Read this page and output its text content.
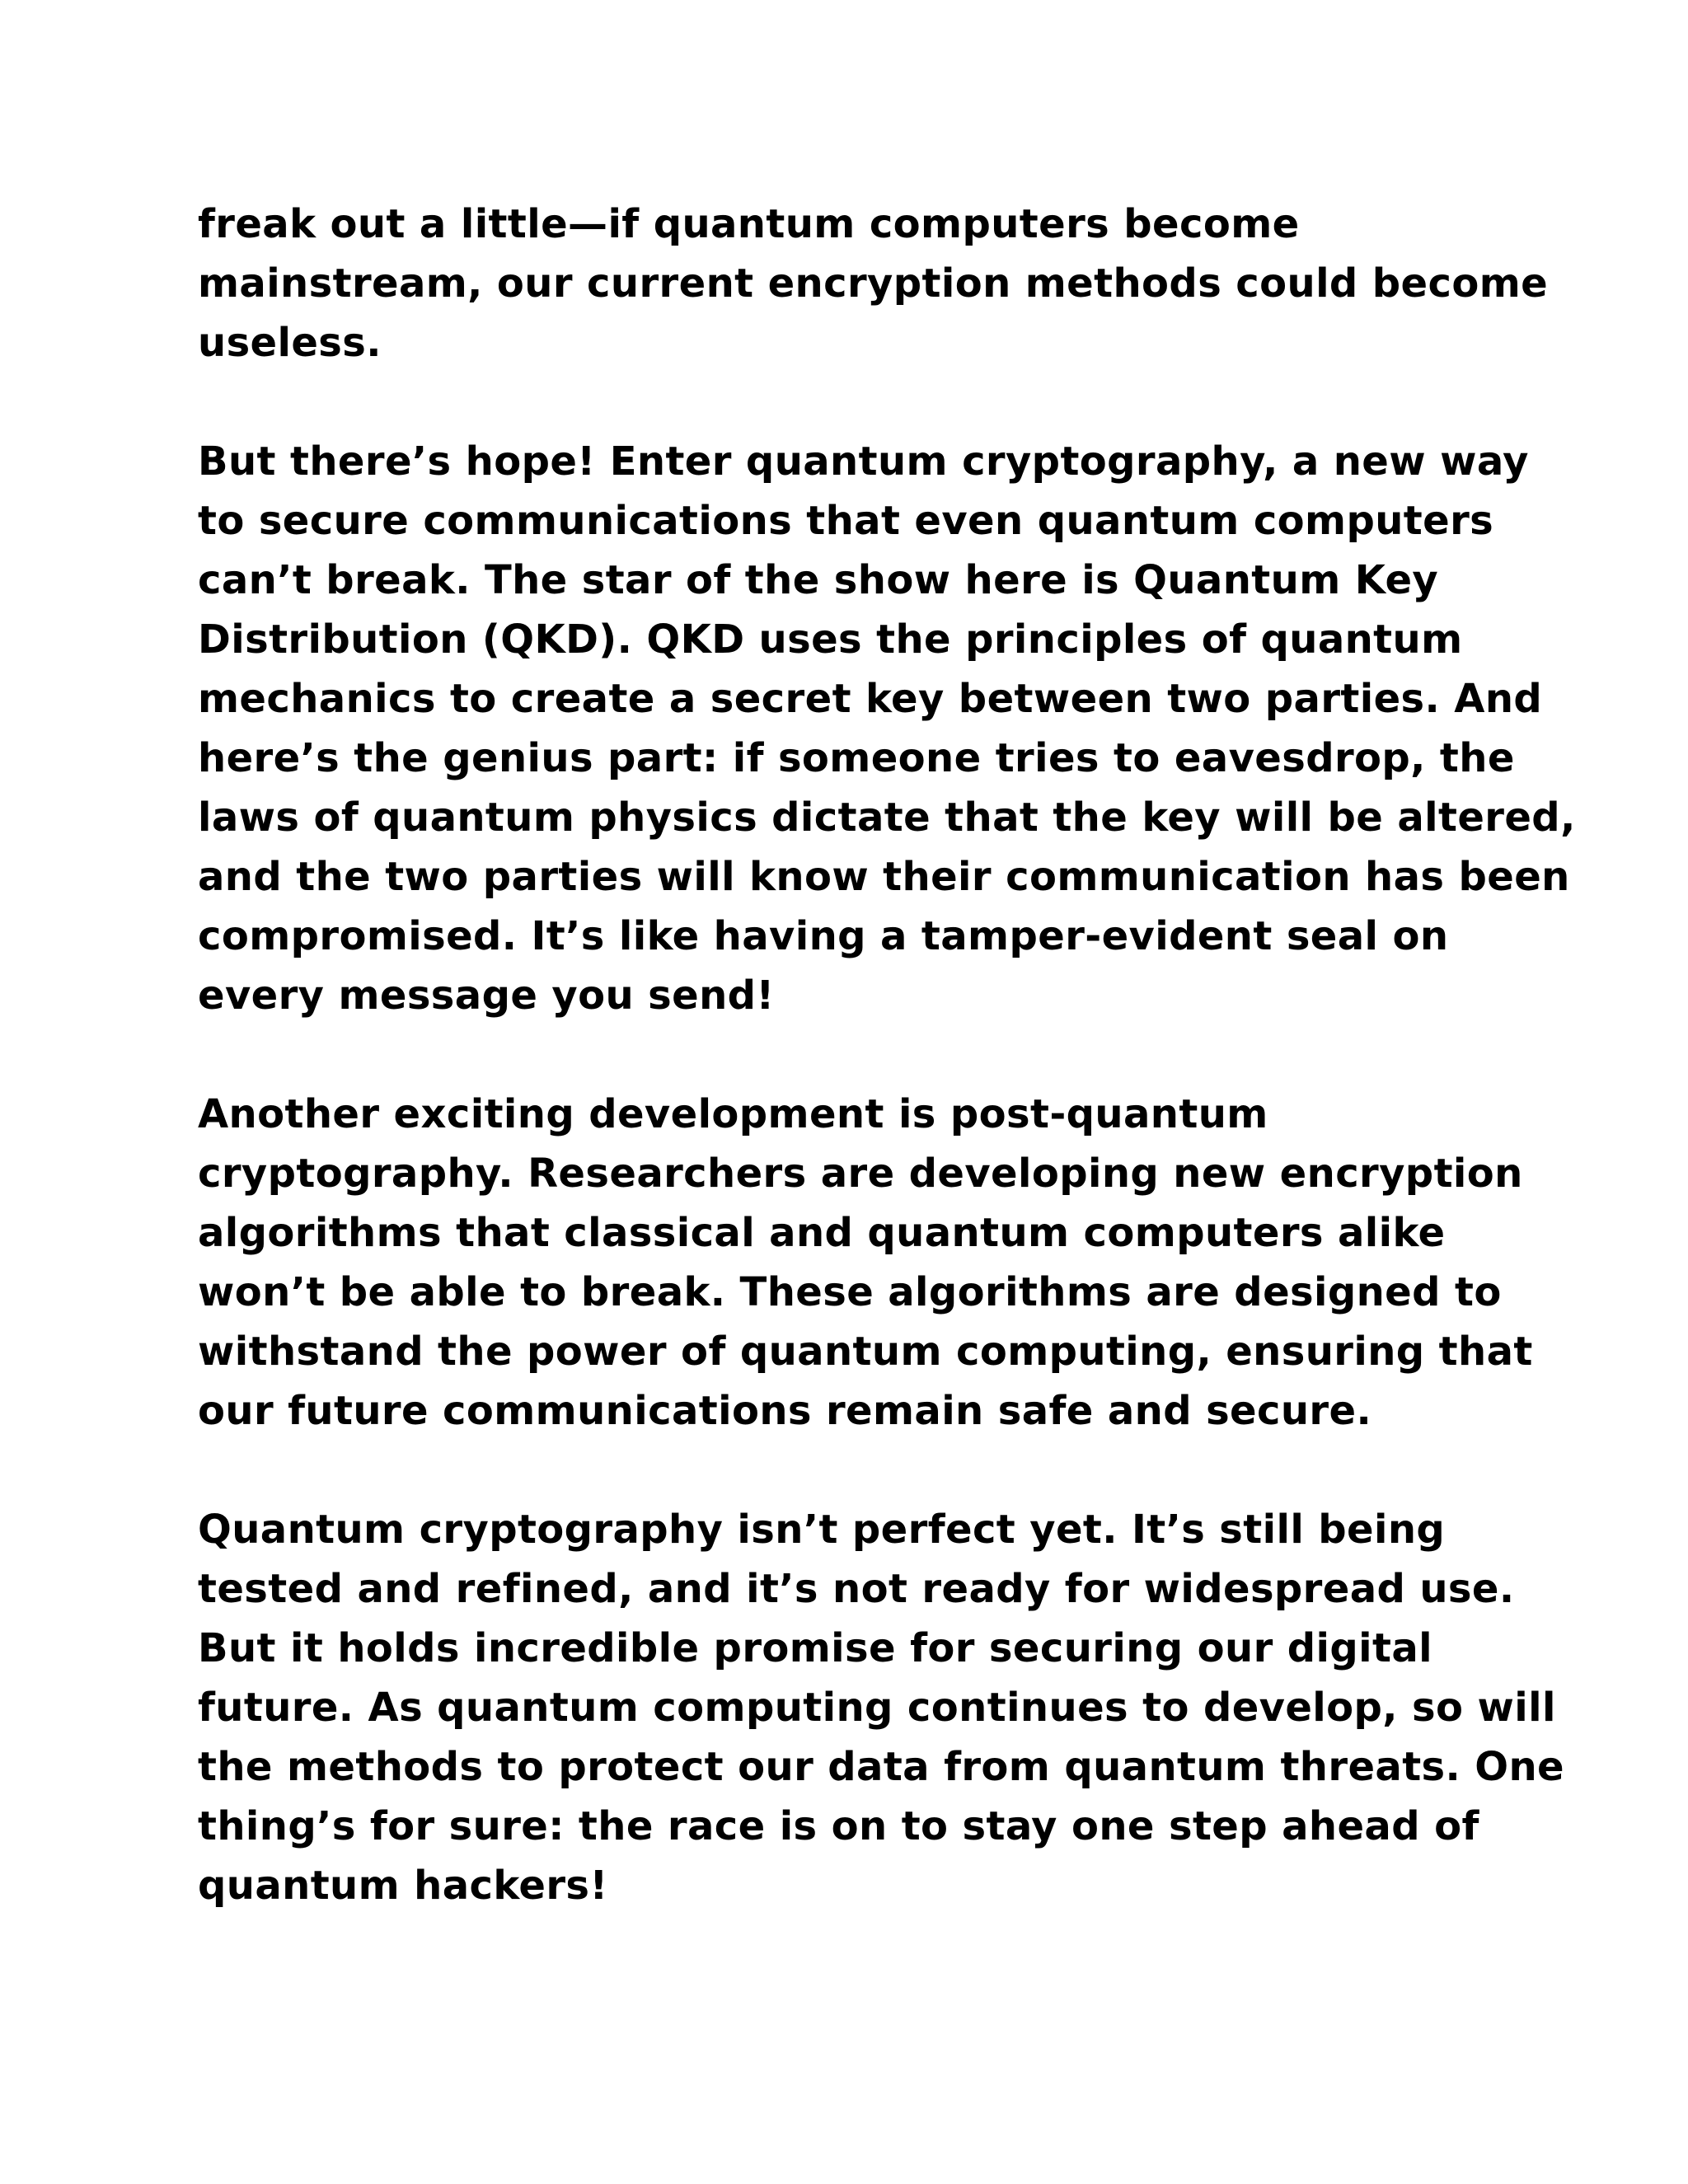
freak out a little—if quantum computers become
mainstream, our current encryption methods could become
useless.

But there’s hope! Enter quantum cryptography, a new way
to secure communications that even quantum computers
can’t break. The star of the show here is Quantum Key
Distribution (QKD). QKD uses the principles of quantum
mechanics to create a secret key between two parties. And
here’s the genius part: if someone tries to eavesdrop, the
laws of quantum physics dictate that the key will be altered,
and the two parties will know their communication has been
compromised. It’s like having a tamper-evident seal on
every message you send!

Another exciting development is post-quantum
cryptography. Researchers are developing new encryption
algorithms that classical and quantum computers alike
won’t be able to break. These algorithms are designed to
withstand the power of quantum computing, ensuring that
our future communications remain safe and secure.

Quantum cryptography isn’t perfect yet. It’s still being
tested and refined, and it’s not ready for widespread use.
But it holds incredible promise for securing our digital
future. As quantum computing continues to develop, so will
the methods to protect our data from quantum threats. One
thing’s for sure: the race is on to stay one step ahead of
quantum hackers!
